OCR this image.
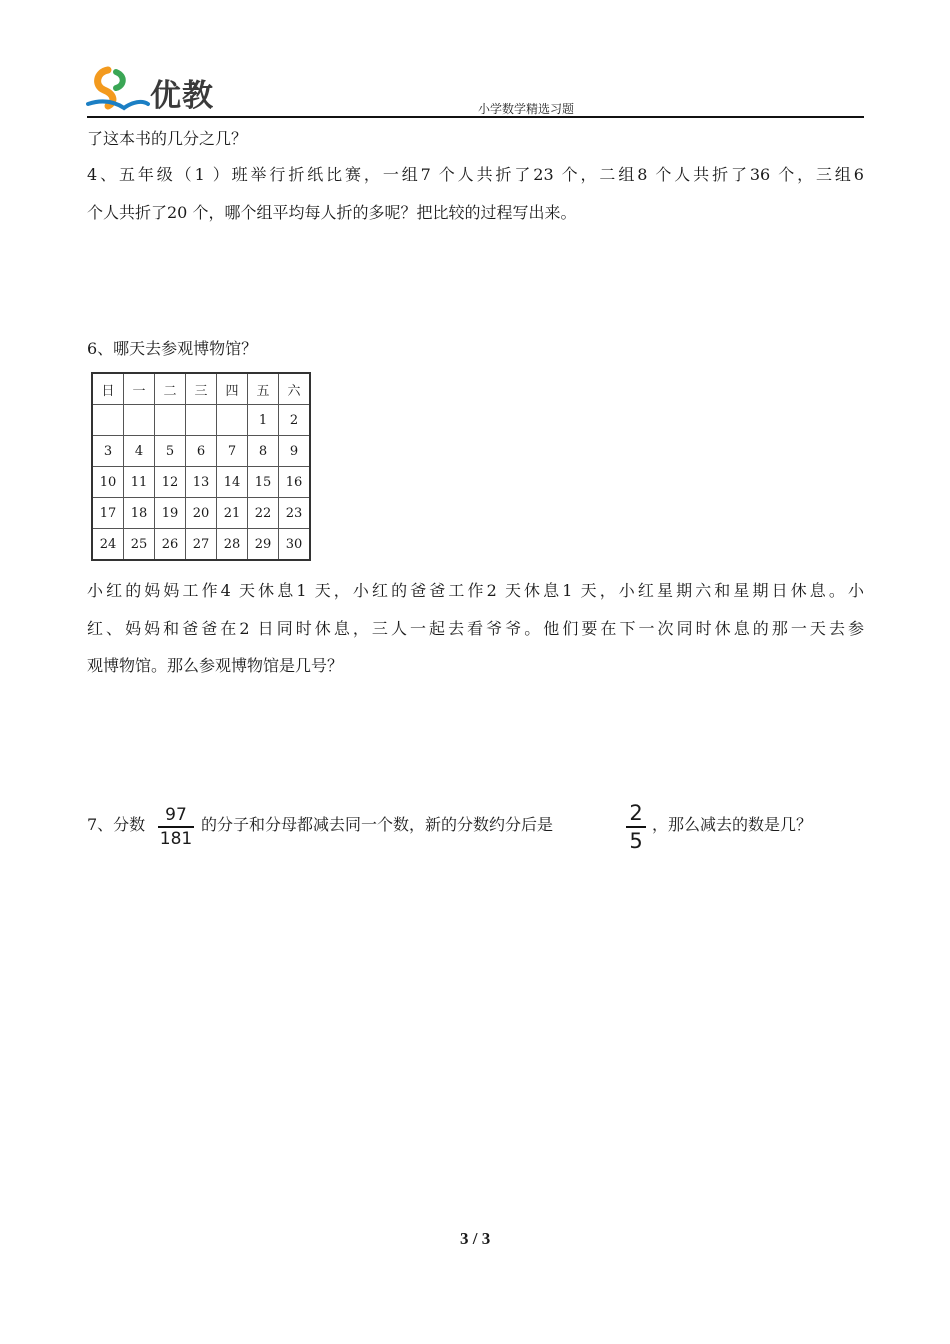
优教	小学数学精选习题
了这本书的几分之几？
4、五年级（1 ）班举行折纸比赛，一组7 个人共折了23 个，二组8 个人共折了36 个，三组6
个人共折了20 个，哪个组平均每人折的多呢？把比较的过程写出来。
6、哪天去参观博物馆？
日	一	二	三	四	五	六
					1	2
3	4	5	6	7	8	9
10	11	12	13	14	15	16
17	18	19	20	21	22	23
24	25	26	27	28	29	30
小红的妈妈工作4 天休息1 天，小红的爸爸工作2 天休息1 天，小红星期六和星期日休息。小
红、妈妈和爸爸在2 日同时休息，三人一起去看爷爷。他们要在下一次同时休息的那一天去参
观博物馆。那么参观博物馆是几号？
7、分数	97
181
的分子和分母都减去同一个数，新的分数约分后是	2
5
，那么减去的数是几？
3 / 3
